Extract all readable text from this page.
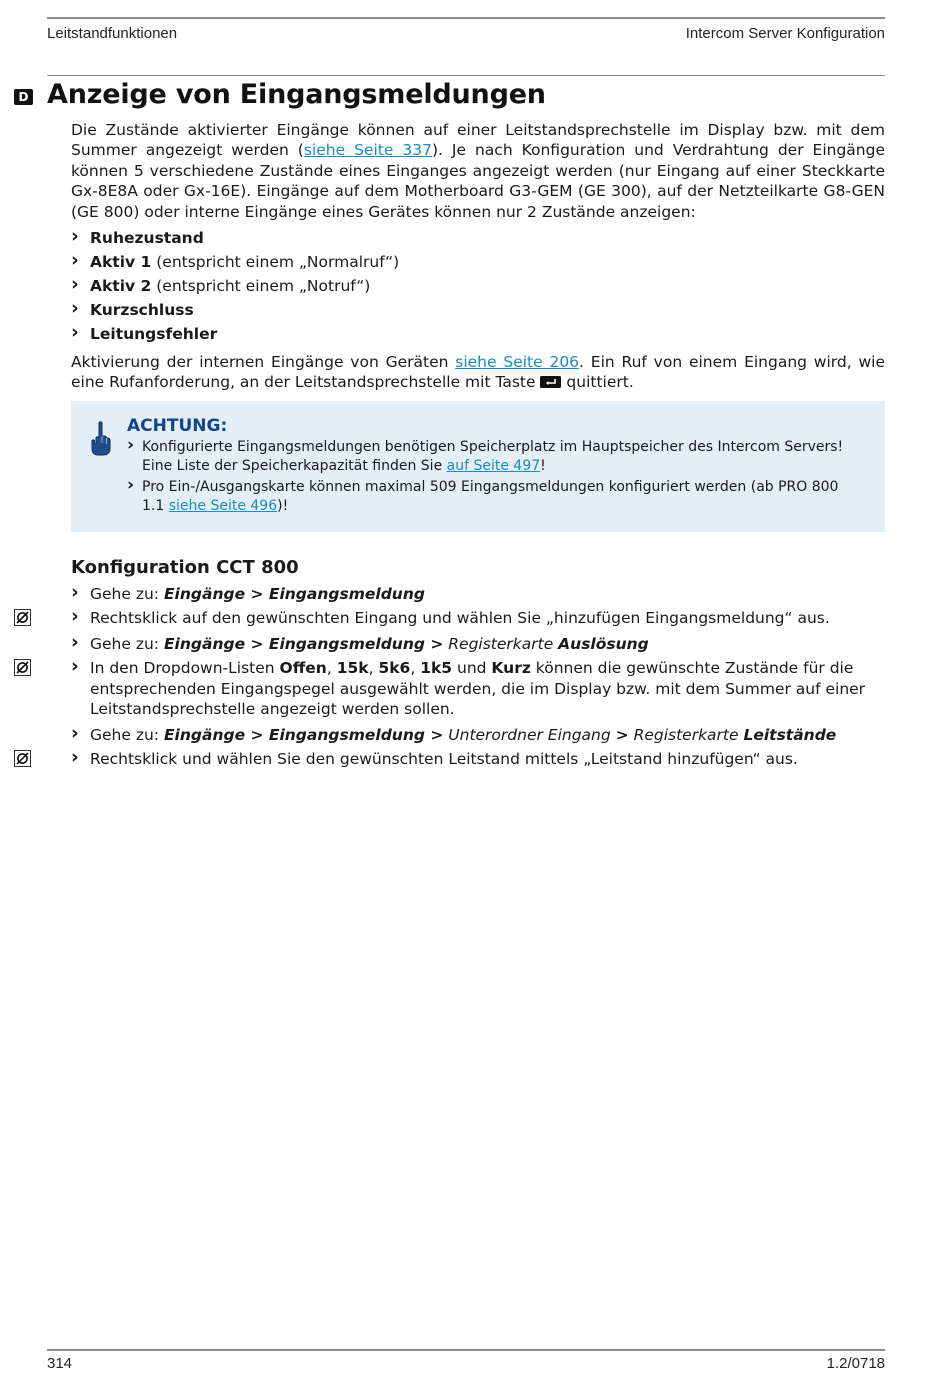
Leitstandfunktionen	Intercom Server Konfiguration
D Anzeige von Eingangsmeldungen

Die Zustände aktivierter Eingänge können auf einer Leitstandsprechstelle im Display bzw. mit dem Summer angezeigt werden (siehe Seite 337). Je nach Konfiguration und Verdrahtung der Eingänge können 5 verschiedene Zustände eines Einganges angezeigt werden (nur Eingang auf einer Steckkarte Gx-8E8A oder Gx-16E). Eingänge auf dem Motherboard G3-GEM (GE 300), auf der Netzteilkarte G8-GEN (GE 800) oder interne Eingänge eines Gerätes können nur 2 Zustände anzeigen:

› Ruhezustand
› Aktiv 1 (entspricht einem „Normalruf“)
› Aktiv 2 (entspricht einem „Notruf“)
› Kurzschluss
› Leitungsfehler

Aktivierung der internen Eingänge von Geräten siehe Seite 206. Ein Ruf von einem Eingang wird, wie eine Rufanforderung, an der Leitstandsprechstelle mit Taste  quittiert.

ACHTUNG:
› Konfigurierte Eingangsmeldungen benötigen Speicherplatz im Hauptspeicher des Intercom Servers! Eine Liste der Speicherkapazität finden Sie auf Seite 497!
› Pro Ein-/Ausgangskarte können maximal 509 Eingangsmeldungen konfiguriert werden (ab PRO 800 1.1 siehe Seite 496)!
Konfiguration CCT 800
› Gehe zu: Eingänge > Eingangsmeldung
› Rechtsklick auf den gewünschten Eingang und wählen Sie „hinzufügen Eingangsmeldung“ aus.
› Gehe zu: Eingänge > Eingangsmeldung > Registerkarte Auslösung
› In den Dropdown-Listen Offen, 15k, 5k6, 1k5 und Kurz können die gewünschte Zustände für die entsprechenden Eingangspegel ausgewählt werden, die im Display bzw. mit dem Summer auf einer Leitstandsprechstelle angezeigt werden sollen.
› Gehe zu: Eingänge > Eingangsmeldung > Unterordner Eingang > Registerkarte Leitstände
› Rechtsklick und wählen Sie den gewünschten Leitstand mittels „Leitstand hinzufügen“ aus.
314	1.2/0718
